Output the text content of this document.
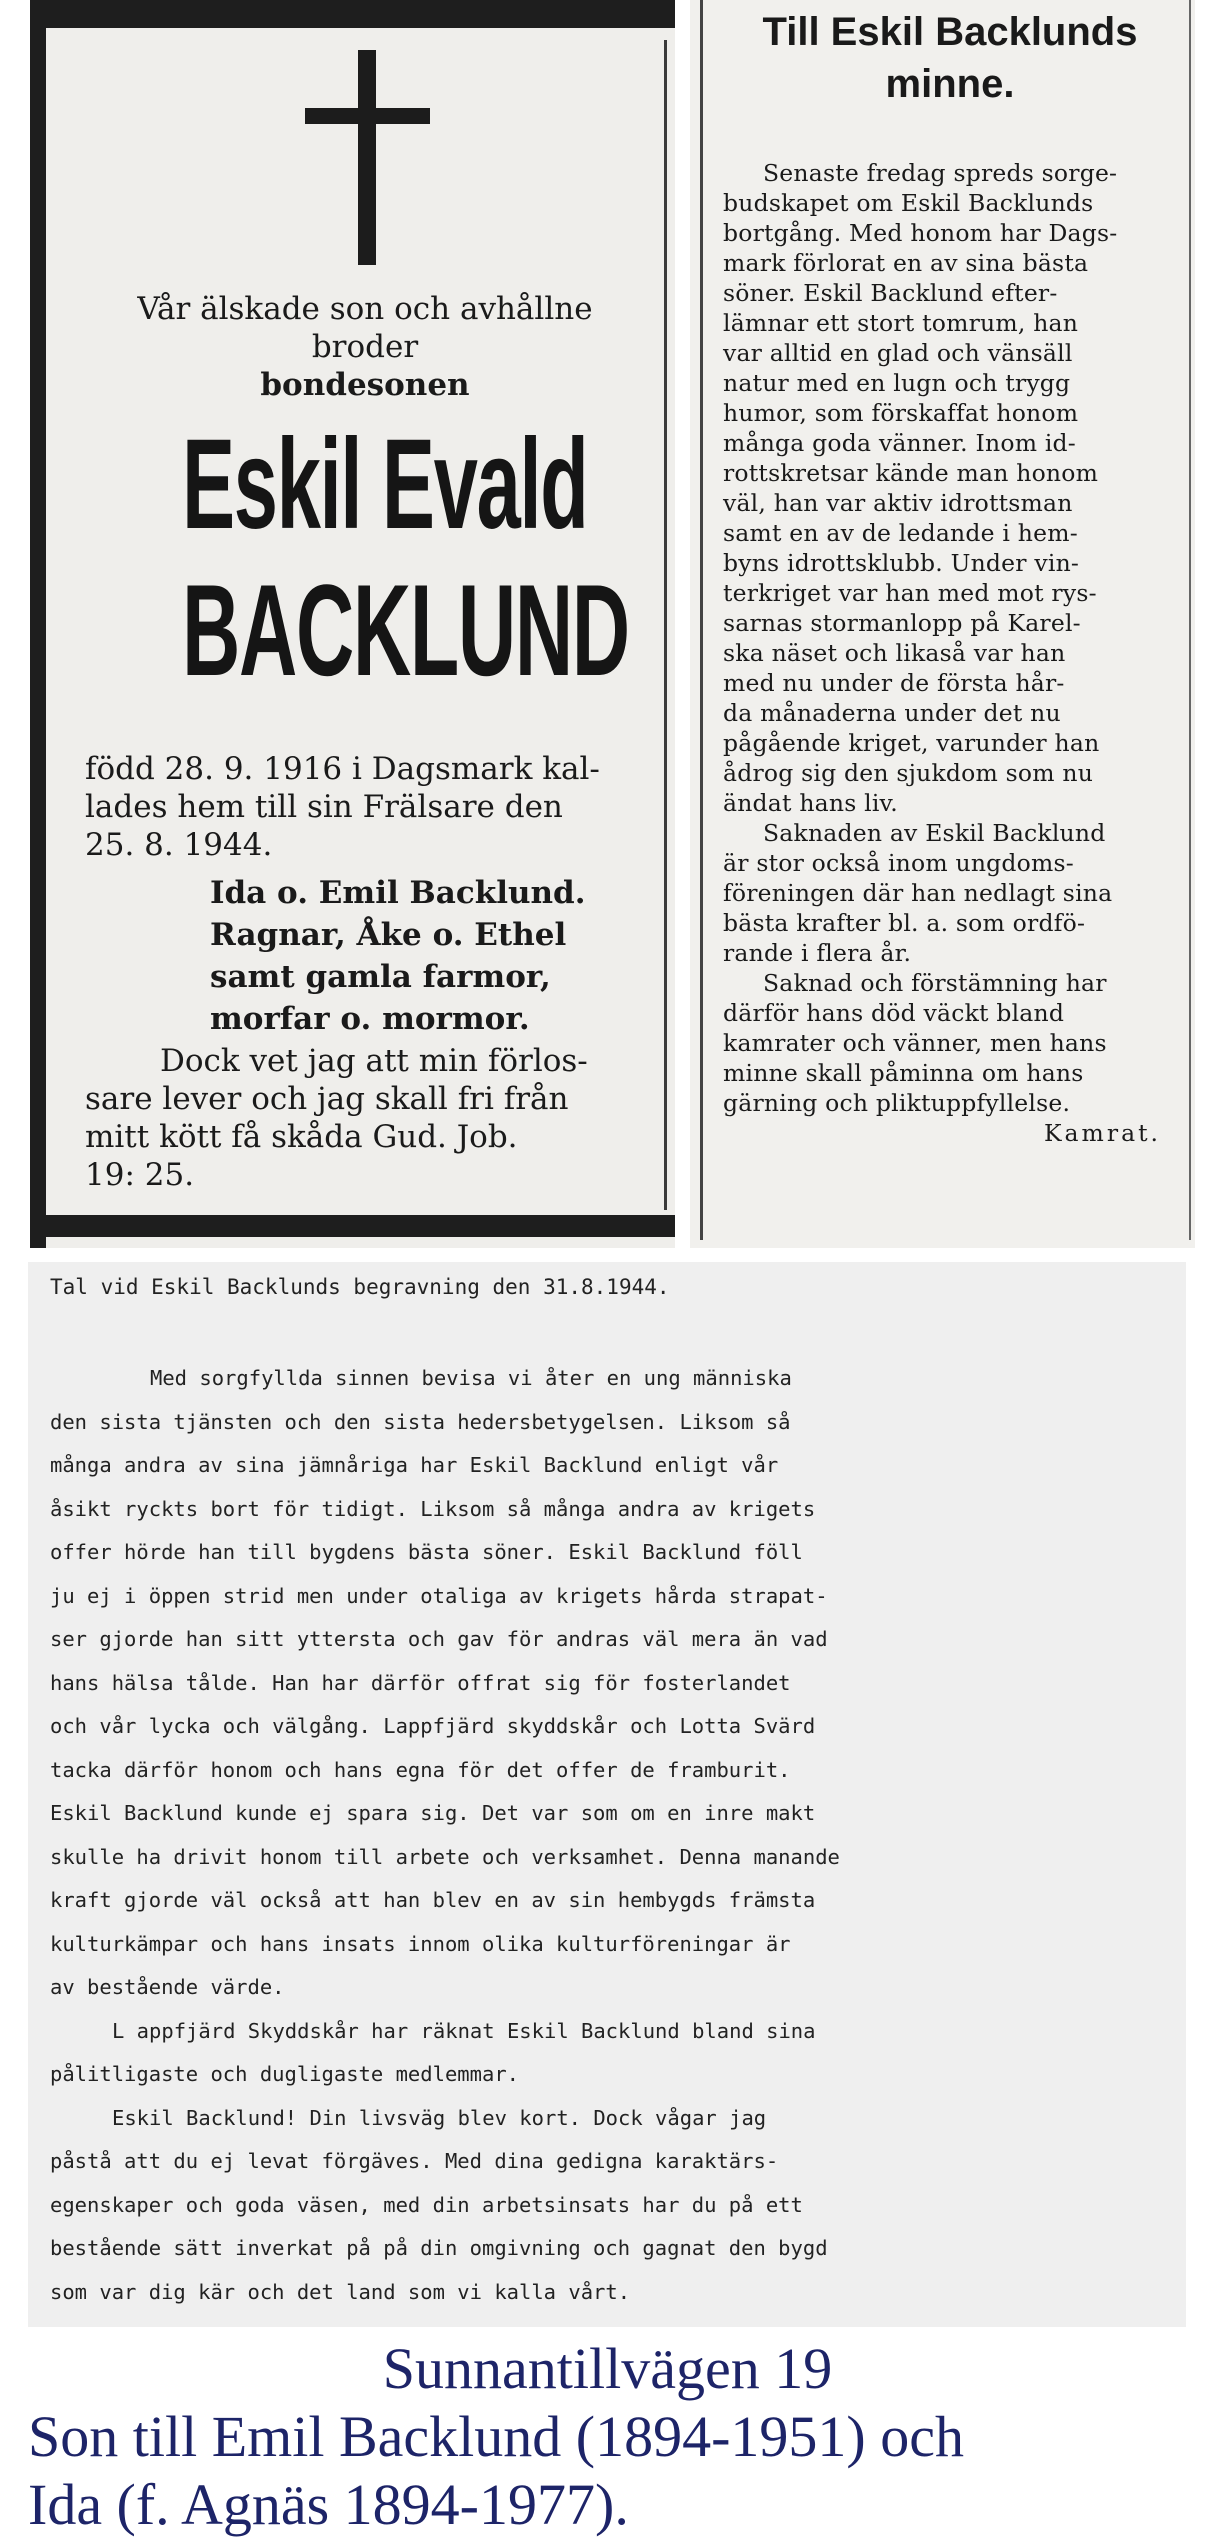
Vår älskade son och avhållne
broder
bondesonen
Eskil Evald
BACKLUND
född 28. 9. 1916 i Dagsmark kal-
lades hem till sin Frälsare den
25. 8. 1944.
Ida o. Emil Backlund.
Ragnar, Åke o. Ethel
samt gamla farmor,
morfar o. mormor.
Dock vet jag att min förlos-
sare lever och jag skall fri från
mitt kött få skåda Gud. Job.
19: 25.
Till Eskil Backlunds
minne.
Senaste fredag spreds sorge-
budskapet om Eskil Backlunds
bortgång. Med honom har Dags-
mark förlorat en av sina bästa
söner. Eskil Backlund efter-
lämnar ett stort tomrum, han
var alltid en glad och vänsäll
natur med en lugn och trygg
humor, som förskaffat honom
många goda vänner. Inom id-
rottskretsar kände man honom
väl, han var aktiv idrottsman
samt en av de ledande i hem-
byns idrottsklubb. Under vin-
terkriget var han med mot rys-
sarnas stormanlopp på Karel-
ska näset och likaså var han
med nu under de första hår-
da månaderna under det nu
pågående kriget, varunder han
ådrog sig den sjukdom som nu
ändat hans liv.
Saknaden av Eskil Backlund
är stor också inom ungdoms-
föreningen där han nedlagt sina
bästa krafter bl. a. som ordfö-
rande i flera år.
Saknad och förstämning har
därför hans död väckt bland
kamrater och vänner, men hans
minne skall påminna om hans
gärning och pliktuppfyllelse.
Kamrat.
Tal vid Eskil Backlunds begravning den 31.8.1944.
Med sorgfyllda sinnen bevisa vi åter en ung människa
den sista tjänsten och den sista hedersbetygelsen. Liksom så
många andra av sina jämnåriga har Eskil Backlund enligt vår
åsikt ryckts bort för tidigt. Liksom så många andra av krigets
offer hörde han till bygdens bästa söner. Eskil Backlund föll
ju ej i öppen strid men under otaliga av krigets hårda strapat-
ser gjorde han sitt yttersta och gav för andras väl mera än vad
hans hälsa tålde. Han har därför offrat sig för fosterlandet
och vår lycka och välgång. Lappfjärd skyddskår och Lotta Svärd
tacka därför honom och hans egna för det offer de framburit.
Eskil Backlund kunde ej spara sig. Det var som om en inre makt
skulle ha drivit honom till arbete och verksamhet. Denna manande
kraft gjorde väl också att han blev en av sin hembygds främsta
kulturkämpar och hans insats innom olika kulturföreningar är
av bestående värde.
L appfjärd Skyddskår har räknat Eskil Backlund bland sina
pålitligaste och dugligaste medlemmar.
Eskil Backlund! Din livsväg blev kort. Dock vågar jag
påstå att du ej levat förgäves. Med dina gedigna karaktärs-
egenskaper och goda väsen, med din arbetsinsats har du på ett
bestående sätt inverkat på på din omgivning och gagnat den bygd
som var dig kär och det land som vi kalla vårt.
Sunnantillvägen 19
Son till Emil Backlund (1894-1951) och
Ida (f. Agnäs 1894-1977).
